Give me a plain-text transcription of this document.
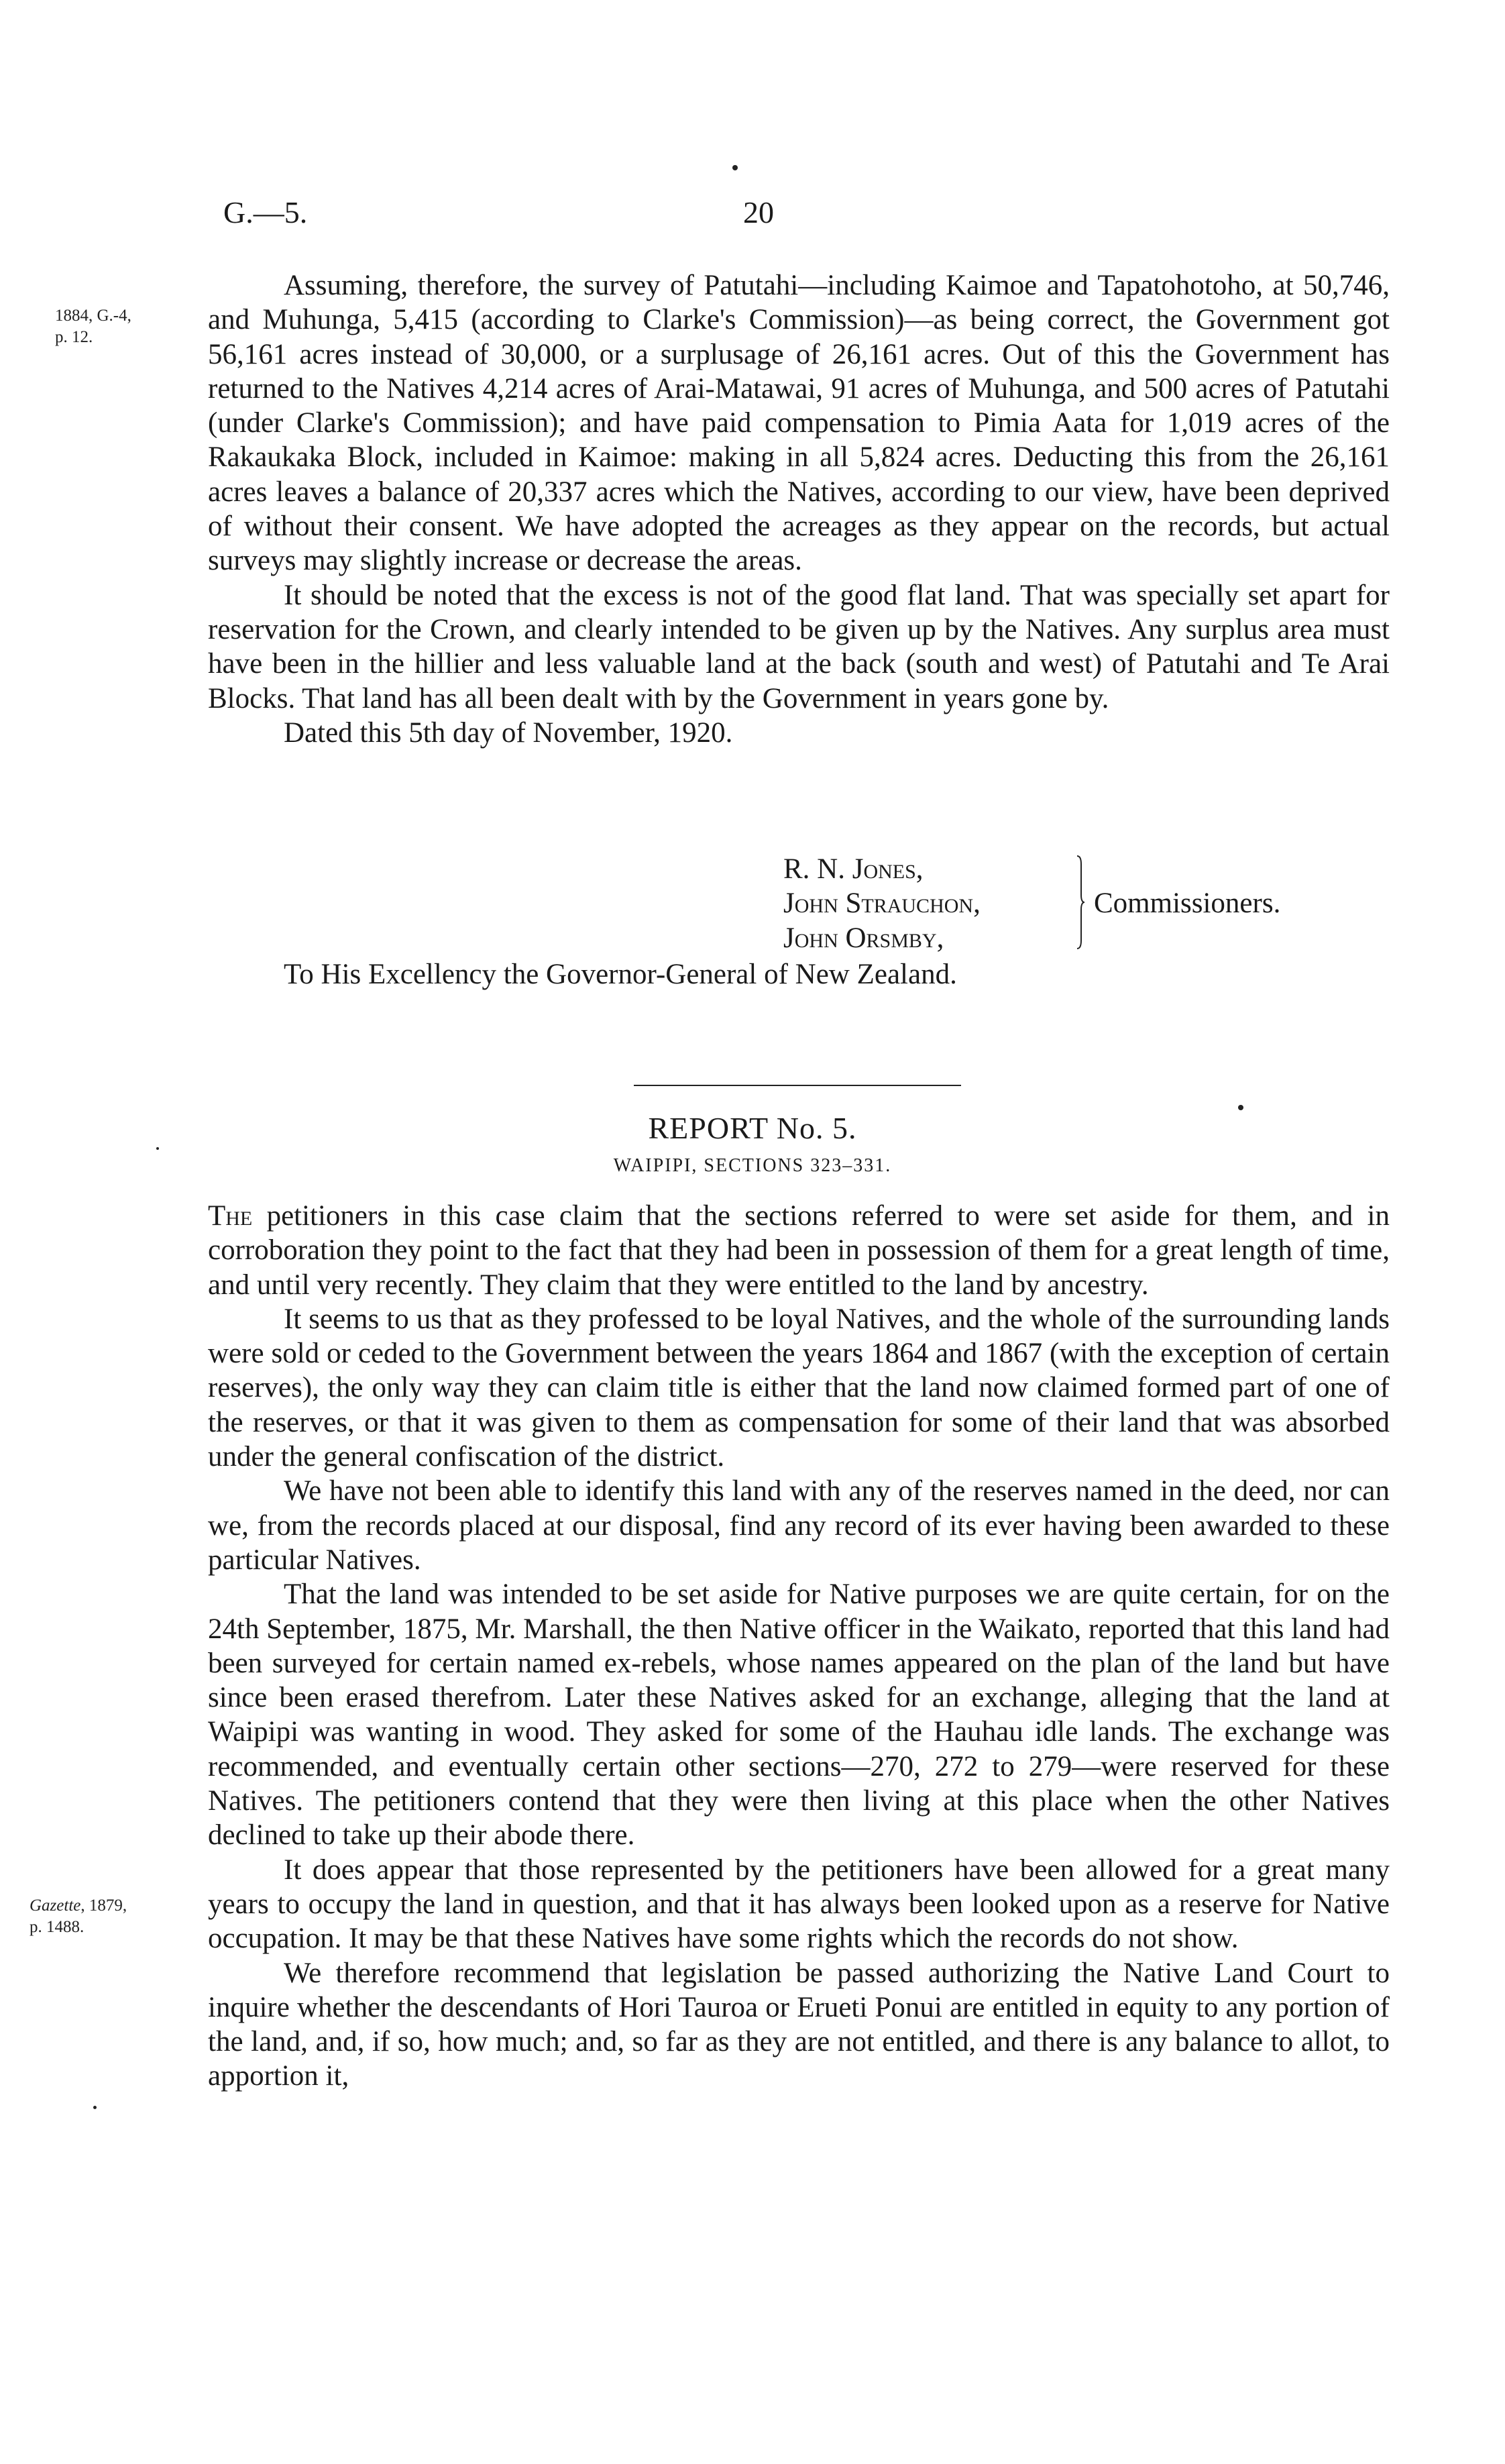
G.—5.	20
1884, G.-4,
p. 12.

Assuming, therefore, the survey of Patutahi—including Kaimoe and Tapatohotoho, at 50,746, and Muhunga, 5,415 (according to Clarke's Commission)—as being correct, the Government got 56,161 acres instead of 30,000, or a surplusage of 26,161 acres. Out of this the Government has returned to the Natives 4,214 acres of Arai-Matawai, 91 acres of Muhunga, and 500 acres of Patutahi (under Clarke's Commission); and have paid compensation to Pimia Aata for 1,019 acres of the Rakaukaka Block, included in Kaimoe: making in all 5,824 acres. Deducting this from the 26,161 acres leaves a balance of 20,337 acres which the Natives, according to our view, have been deprived of without their consent. We have adopted the acreages as they appear on the records, but actual surveys may slightly increase or decrease the areas.

It should be noted that the excess is not of the good flat land. That was specially set apart for reservation for the Crown, and clearly intended to be given up by the Natives. Any surplus area must have been in the hillier and less valuable land at the back (south and west) of Patutahi and Te Arai Blocks. That land has all been dealt with by the Government in years gone by.

Dated this 5th day of November, 1920.

R. N. Jones,
John Strauchon,
John Orsmby,
Commissioners.

To His Excellency the Governor-General of New Zealand.

REPORT No. 5.
WAIPIPI, SECTIONS 323–331.
Gazette, 1879,
p. 1488.

The petitioners in this case claim that the sections referred to were set aside for them, and in corroboration they point to the fact that they had been in possession of them for a great length of time, and until very recently. They claim that they were entitled to the land by ancestry.

It seems to us that as they professed to be loyal Natives, and the whole of the surrounding lands were sold or ceded to the Government between the years 1864 and 1867 (with the exception of certain reserves), the only way they can claim title is either that the land now claimed formed part of one of the reserves, or that it was given to them as compensation for some of their land that was absorbed under the general confiscation of the district.

We have not been able to identify this land with any of the reserves named in the deed, nor can we, from the records placed at our disposal, find any record of its ever having been awarded to these particular Natives.

That the land was intended to be set aside for Native purposes we are quite certain, for on the 24th September, 1875, Mr. Marshall, the then Native officer in the Waikato, reported that this land had been surveyed for certain named ex-rebels, whose names appeared on the plan of the land but have since been erased therefrom. Later these Natives asked for an exchange, alleging that the land at Waipipi was wanting in wood. They asked for some of the Hauhau idle lands. The exchange was recommended, and eventually certain other sections—270, 272 to 279—were reserved for these Natives. The petitioners contend that they were then living at this place when the other Natives declined to take up their abode there.

It does appear that those represented by the petitioners have been allowed for a great many years to occupy the land in question, and that it has always been looked upon as a reserve for Native occupation. It may be that these Natives have some rights which the records do not show.

We therefore recommend that legislation be passed authorizing the Native Land Court to inquire whether the descendants of Hori Tauroa or Erueti Ponui are entitled in equity to any portion of the land, and, if so, how much; and, so far as they are not entitled, and there is any balance to allot, to apportion it,
